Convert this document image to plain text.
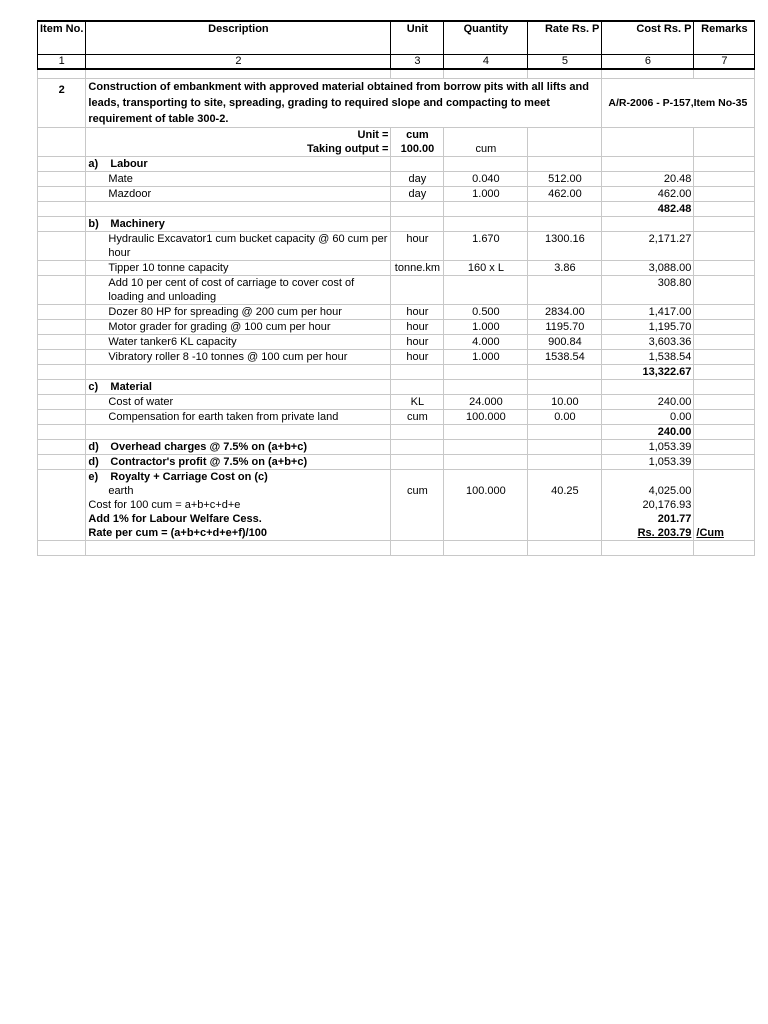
Item No.	Description	Unit	Quantity	Rate Rs. P	Cost Rs. P	Remarks
1	2	3	4	5	6	7

2	Construction of embankment with approved material obtained from borrow pits with all lifts and leads, transporting to site, spreading, grading to required slope and compacting to meet requirement of table 300-2.				A/R-2006 - P-157,Item No-35	
	Unit =	cum				
	Taking output =	100.00	cum			
	a) Labour					
	Mate	day	0.040	512.00	20.48	
	Mazdoor	day	1.000	462.00	462.00	
					482.48	
	b) Machinery					
	Hydraulic Excavator1 cum bucket capacity @ 60 cum per hour	hour	1.670	1300.16	2,171.27	
	Tipper 10 tonne capacity	tonne.km	160 x L	3.86	3,088.00	
	Add 10 per cent of cost of carriage to cover cost of loading and unloading				308.80	
	Dozer 80 HP for spreading @ 200 cum per hour	hour	0.500	2834.00	1,417.00	
	Motor grader for grading @ 100 cum per hour	hour	1.000	1195.70	1,195.70	
	Water tanker6 KL capacity	hour	4.000	900.84	3,603.36	
	Vibratory roller 8 -10 tonnes @ 100 cum per hour	hour	1.000	1538.54	1,538.54	
					13,322.67	
	c) Material					
	Cost of water	KL	24.000	10.00	240.00	
	Compensation for earth taken from private land	cum	100.000	0.00	0.00	
					240.00	
	d) Overhead charges @ 7.5% on (a+b+c)				1,053.39	
	d) Contractor's profit @ 7.5% on (a+b+c)				1,053.39	
	e) Royalty + Carriage Cost on (c)					
	earth	cum	100.000	40.25	4,025.00	
	Cost for 100 cum = a+b+c+d+e				20,176.93	
	Add 1% for Labour Welfare Cess.				201.77	
	Rate per cum = (a+b+c+d+e+f)/100				Rs. 203.79	/Cum
